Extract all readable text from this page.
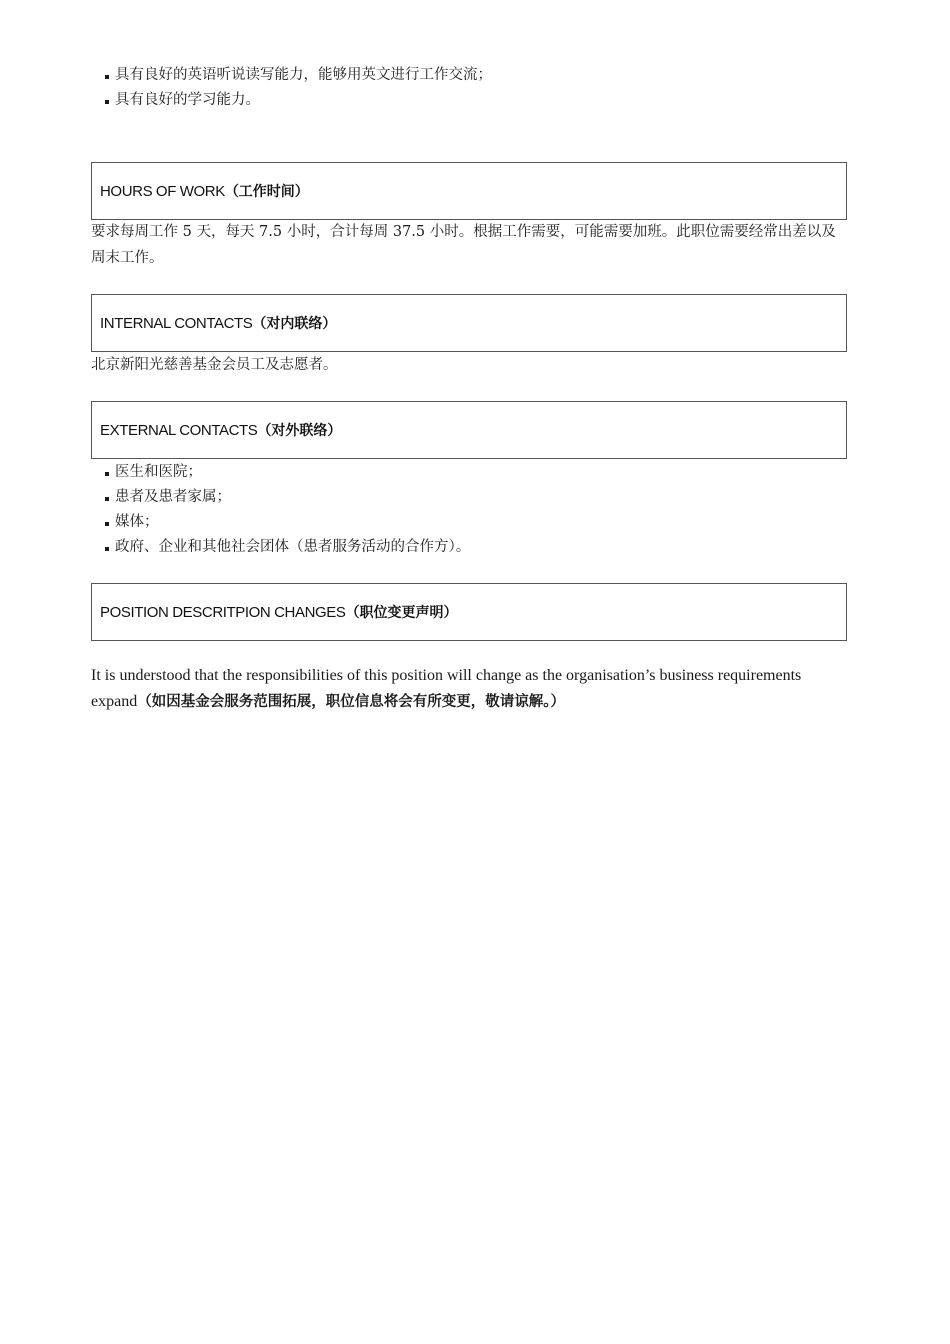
具有良好的英语听说读写能力，能够用英文进行工作交流；
具有良好的学习能力。

HOURS OF WORK（工作时间）

要求每周工作 5 天，每天 7.5 小时，合计每周 37.5 小时。根据工作需要，可能需要加班。此职位需要经常出差以及周末工作。

INTERNAL CONTACTS（对内联络）

北京新阳光慈善基金会员工及志愿者。

EXTERNAL CONTACTS（对外联络）

医生和医院；
患者及患者家属；
媒体；
政府、企业和其他社会团体（患者服务活动的合作方）。

POSITION DESCRITPION CHANGES（职位变更声明）

It is understood that the responsibilities of this position will change as the organisation’s business requirements expand（如因基金会服务范围拓展，职位信息将会有所变更，敬请谅解。）
